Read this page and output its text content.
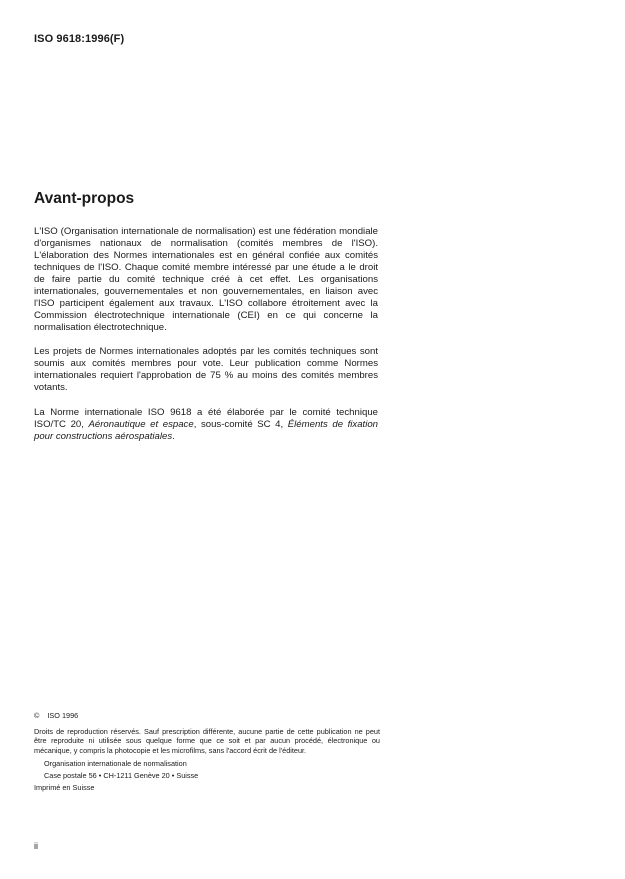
ISO 9618:1996(F)
Avant-propos

L'ISO (Organisation internationale de normalisation) est une fédération mondiale d'organismes nationaux de normalisation (comités membres de l'ISO). L'élaboration des Normes internationales est en général confiée aux comités techniques de l'ISO. Chaque comité membre intéressé par une étude a le droit de faire partie du comité technique créé à cet effet. Les organisations internationales, gouvernementales et non gouvernementales, en liaison avec l'ISO participent également aux travaux. L'ISO collabore étroitement avec la Commission électrotechnique internationale (CEI) en ce qui concerne la normalisation électrotechnique.

Les projets de Normes internationales adoptés par les comités techniques sont soumis aux comités membres pour vote. Leur publication comme Normes internationales requiert l'approbation de 75 % au moins des comités membres votants.

La Norme internationale ISO 9618 a été élaborée par le comité technique ISO/TC 20, Aéronautique et espace, sous-comité SC 4, Éléments de fixation pour constructions aérospatiales.

© ISO 1996

Droits de reproduction réservés. Sauf prescription différente, aucune partie de cette publication ne peut être reproduite ni utilisée sous quelque forme que ce soit et par aucun procédé, électronique ou mécanique, y compris la photocopie et les microfilms, sans l'accord écrit de l'éditeur.

Organisation internationale de normalisation

Case postale 56 • CH-1211 Genève 20 • Suisse

Imprimé en Suisse

ii
